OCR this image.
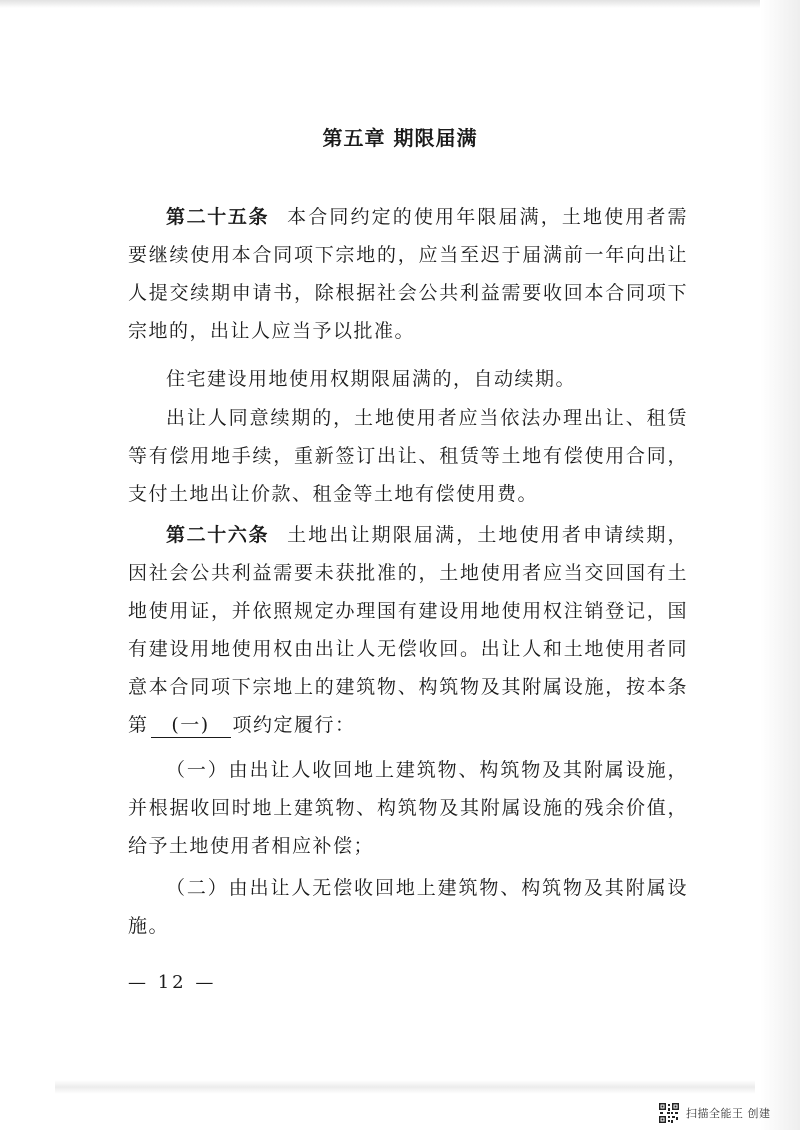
第五章 期限届满

第二十五条 本合同约定的使用年限届满，土地使用者需要继续使用本合同项下宗地的，应当至迟于届满前一年向出让人提交续期申请书，除根据社会公共利益需要收回本合同项下宗地的，出让人应当予以批准。

住宅建设用地使用权期限届满的，自动续期。

出让人同意续期的，土地使用者应当依法办理出让、租赁等有偿用地手续，重新签订出让、租赁等土地有偿使用合同，支付土地出让价款、租金等土地有偿使用费。

第二十六条 土地出让期限届满，土地使用者申请续期，因社会公共利益需要未获批准的，土地使用者应当交回国有土地使用证，并依照规定办理国有建设用地使用权注销登记，国有建设用地使用权由出让人无偿收回。出让人和土地使用者同意本合同项下宗地上的建筑物、构筑物及其附属设施，按本条第 (一) 项约定履行：

（一）由出让人收回地上建筑物、构筑物及其附属设施，并根据收回时地上建筑物、构筑物及其附属设施的残余价值，给予土地使用者相应补偿；

（二）由出让人无偿收回地上建筑物、构筑物及其附属设施。

— 12 —

扫描全能王 创建
